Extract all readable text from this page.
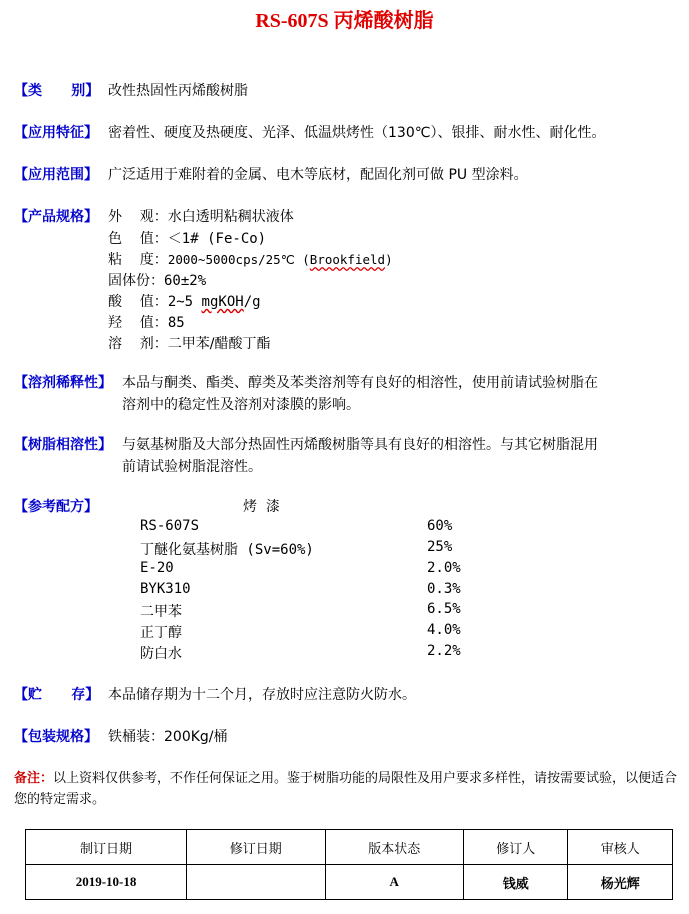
RS-607S 丙烯酸树脂
【类      别】 改性热固性丙烯酸树脂
【应用特征】 密着性、硬度及热硬度、光泽、低温烘烤性（130℃）、银排、耐水性、耐化性。
【应用范围】 广泛适用于难附着的金属、电木等底材，配固化剂可做 PU 型涂料。
【产品规格】 外    观：水白透明粘稠状液体
色    值：＜1# (Fe-Co)
粘    度：2000~5000cps/25℃ (Brookfield)
固体份：60±2%
酸    值：2~5 mgKOH/g
羟    值：85
溶    剂：二甲苯/醋酸丁酯
【溶剂稀释性】 本品与酮类、酯类、醇类及苯类溶剂等有良好的相溶性，使用前请试验树脂在
溶剂中的稳定性及溶剂对漆膜的影响。
【树脂相溶性】 与氨基树脂及大部分热固性丙烯酸树脂等具有良好的相溶性。与其它树脂混用
前请试验树脂混溶性。
【参考配方】	烤  漆
RS-607S	60%
丁醚化氨基树脂 (Sv=60%)	25%
E-20	2.0%
BYK310	0.3%
二甲苯	6.5%
正丁醇	4.0%
防白水	2.2%
【贮      存】 本品储存期为十二个月，存放时应注意防火防水。
【包装规格】 铁桶装：200Kg/桶
备注：以上资料仅供参考，不作任何保证之用。鉴于树脂功能的局限性及用户要求多样性，请按需要试验，以便适合您的特定需求。
制订日期	修订日期	版本状态	修订人	审核人
2019-10-18		A	钱威	杨光辉
